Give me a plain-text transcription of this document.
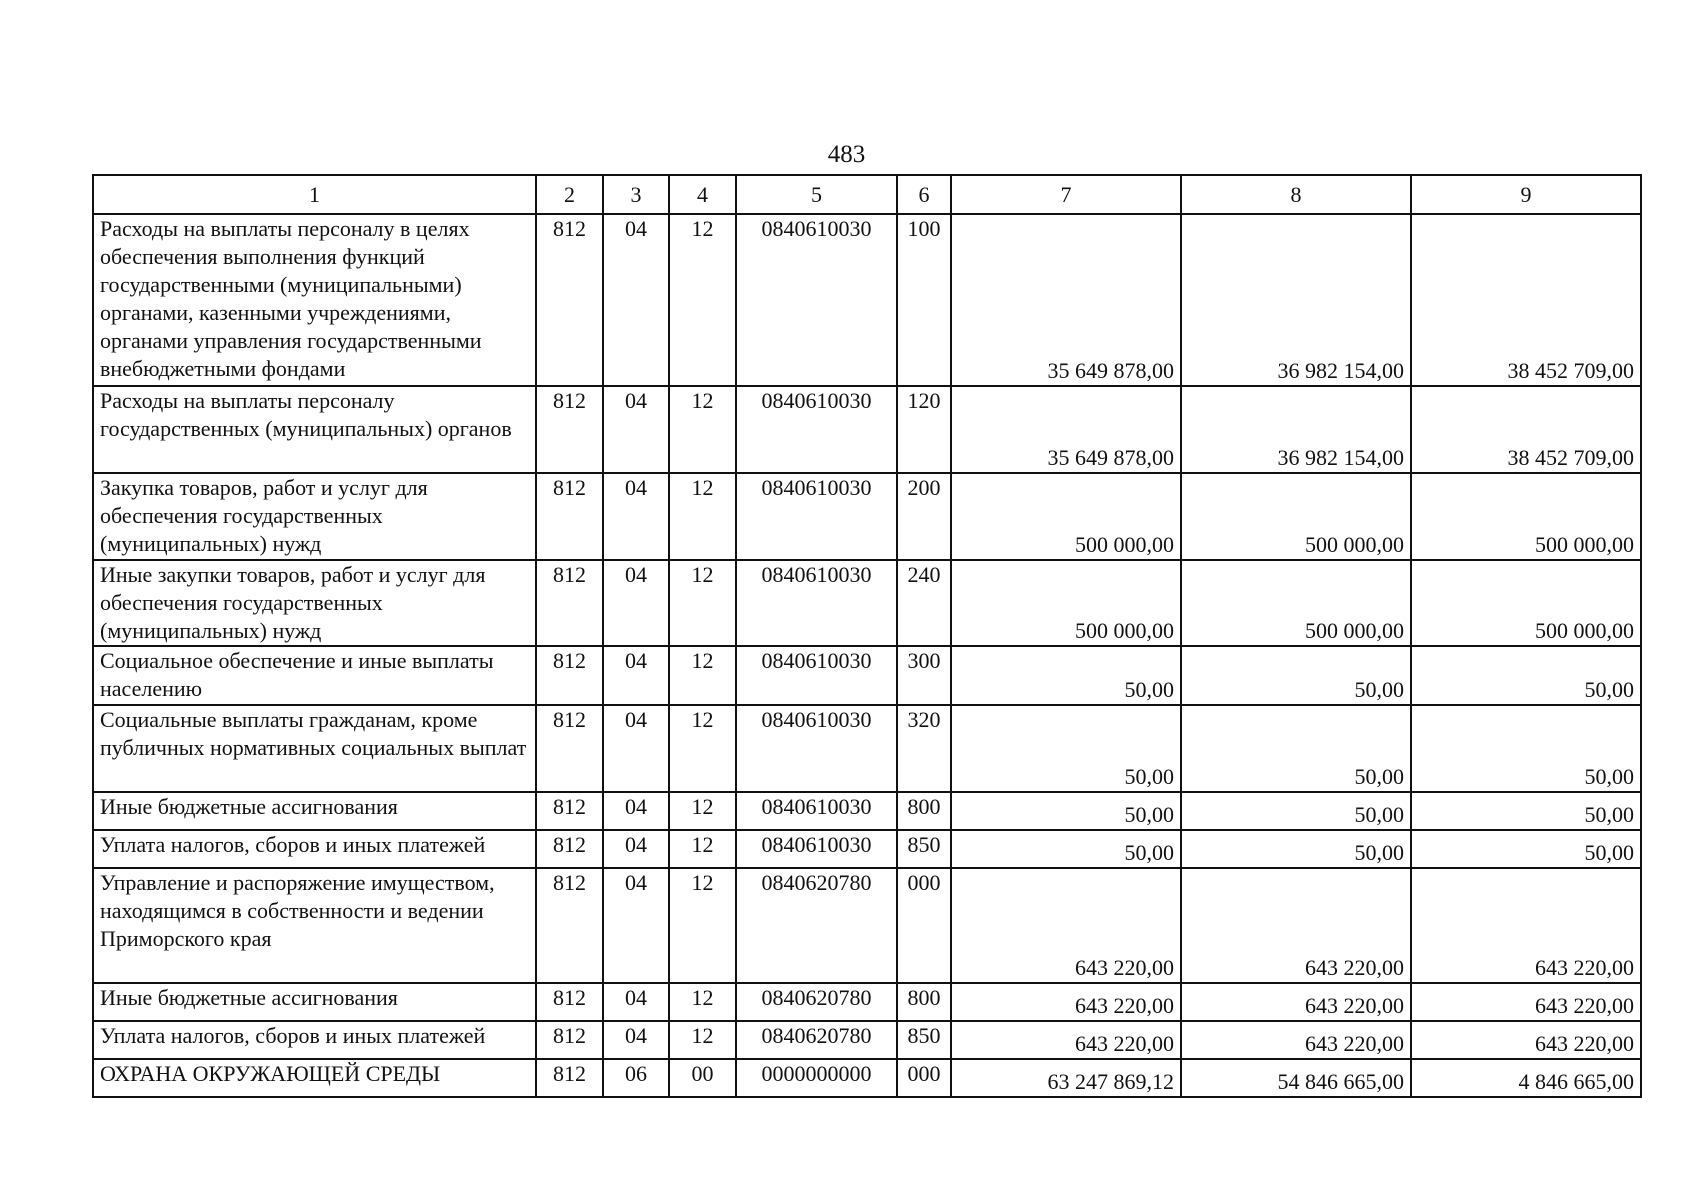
483
1	2	3	4	5	6	7	8	9
Расходы на выплаты персоналу в целях обеспечения выполнения функций государственными (муниципальными) органами, казенными учреждениями, органами управления государственными внебюджетными фондами	812	04	12	0840610030	100	35 649 878,00	36 982 154,00	38 452 709,00
Расходы на выплаты персоналу государственных (муниципальных) органов	812	04	12	0840610030	120	35 649 878,00	36 982 154,00	38 452 709,00
Закупка товаров, работ и услуг для обеспечения государственных (муниципальных) нужд	812	04	12	0840610030	200	500 000,00	500 000,00	500 000,00
Иные закупки товаров, работ и услуг для обеспечения государственных (муниципальных) нужд	812	04	12	0840610030	240	500 000,00	500 000,00	500 000,00
Социальное обеспечение и иные выплаты населению	812	04	12	0840610030	300	50,00	50,00	50,00
Социальные выплаты гражданам, кроме публичных нормативных социальных выплат	812	04	12	0840610030	320	50,00	50,00	50,00
Иные бюджетные ассигнования	812	04	12	0840610030	800	50,00	50,00	50,00
Уплата налогов, сборов и иных платежей	812	04	12	0840610030	850	50,00	50,00	50,00
Управление и распоряжение имуществом, находящимся в собственности и ведении Приморского края	812	04	12	0840620780	000	643 220,00	643 220,00	643 220,00
Иные бюджетные ассигнования	812	04	12	0840620780	800	643 220,00	643 220,00	643 220,00
Уплата налогов, сборов и иных платежей	812	04	12	0840620780	850	643 220,00	643 220,00	643 220,00
ОХРАНА ОКРУЖАЮЩЕЙ СРЕДЫ	812	06	00	0000000000	000	63 247 869,12	54 846 665,00	4 846 665,00
